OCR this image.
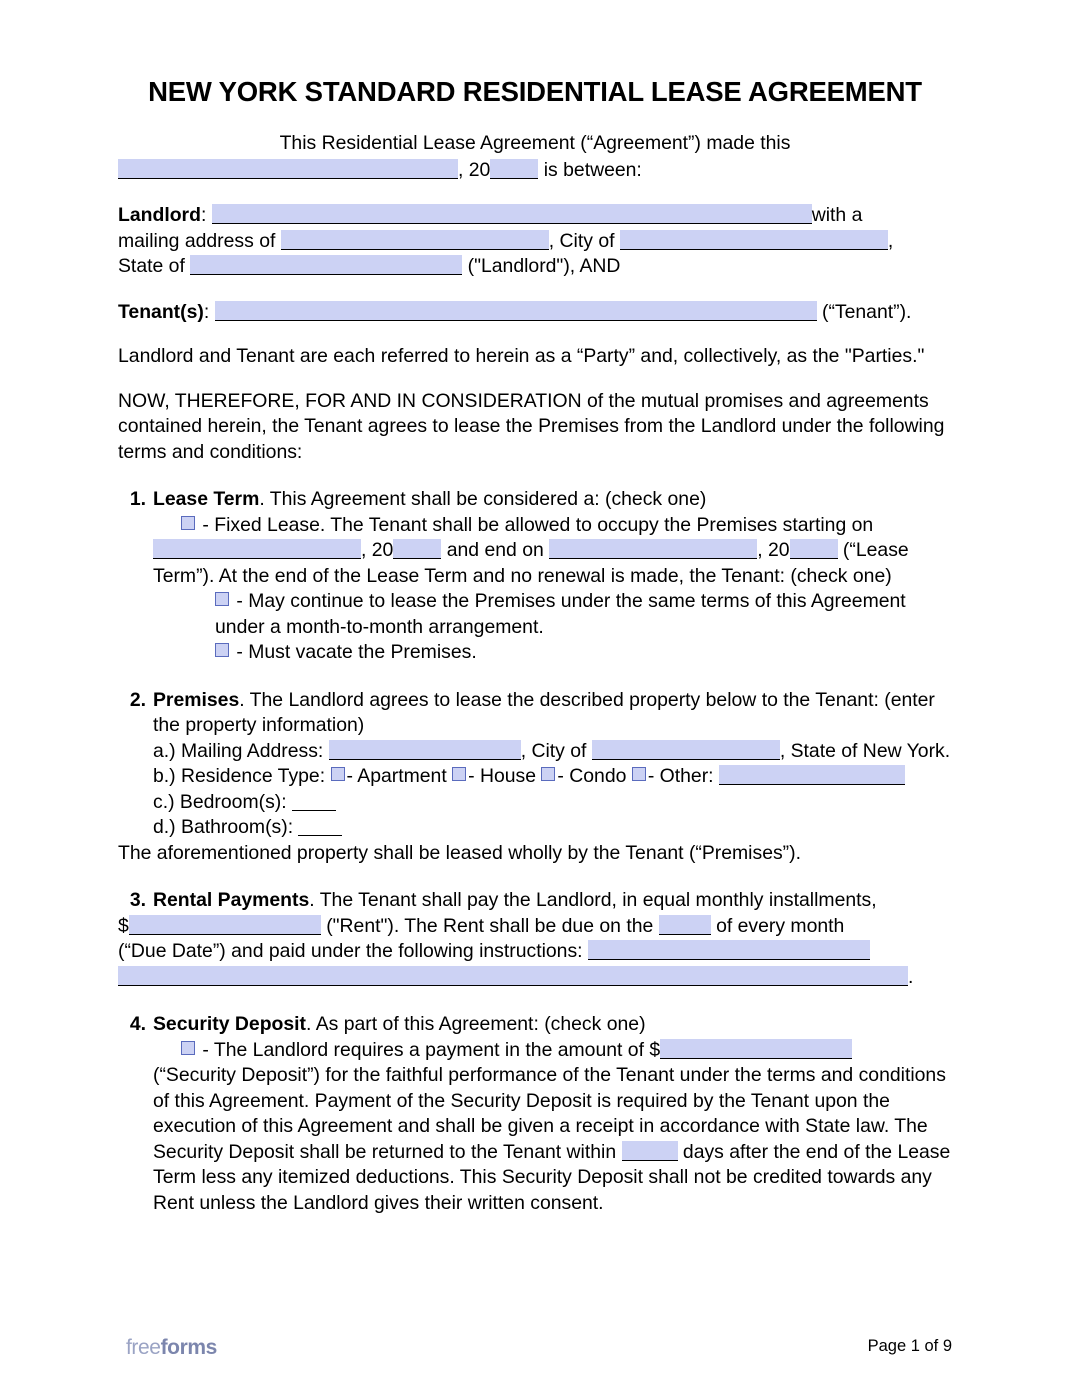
NEW YORK STANDARD RESIDENTIAL LEASE AGREEMENT
This Residential Lease Agreement (“Agreement”) made this
, 20	is between:
Landlord:	with a
mailing address of	, City of	,
State of	("Landlord"), AND
Tenant(s):	(“Tenant”).
Landlord and Tenant are each referred to herein as a “Party” and, collectively, as the "Parties."
NOW, THEREFORE, FOR AND IN CONSIDERATION of the mutual promises and agreements contained herein, the Tenant agrees to lease the Premises from the Landlord under the following terms and conditions:
1. Lease Term. This Agreement shall be considered a: (check one)
- Fixed Lease. The Tenant shall be allowed to occupy the Premises starting on
, 20	and end on	, 20	(“Lease Term”). At the end of the Lease Term and no renewal is made, the Tenant: (check one)
- May continue to lease the Premises under the same terms of this Agreement under a month-to-month arrangement.
- Must vacate the Premises.
2. Premises. The Landlord agrees to lease the described property below to the Tenant: (enter the property information)
a.) Mailing Address:	, City of	, State of New York.
b.) Residence Type: - Apartment - House - Condo - Other:
c.) Bedroom(s):
d.) Bathroom(s):
The aforementioned property shall be leased wholly by the Tenant (“Premises”).
3. Rental Payments. The Tenant shall pay the Landlord, in equal monthly installments,
$	("Rent"). The Rent shall be due on the	of every month
(“Due Date”) and paid under the following instructions:
.
4. Security Deposit. As part of this Agreement: (check one)
- The Landlord requires a payment in the amount of $
(“Security Deposit”) for the faithful performance of the Tenant under the terms and conditions of this Agreement. Payment of the Security Deposit is required by the Tenant upon the execution of this Agreement and shall be given a receipt in accordance with State law. The Security Deposit shall be returned to the Tenant within	days after the end of the Lease Term less any itemized deductions. This Security Deposit shall not be credited towards any Rent unless the Landlord gives their written consent.
freeforms	Page 1 of 9
